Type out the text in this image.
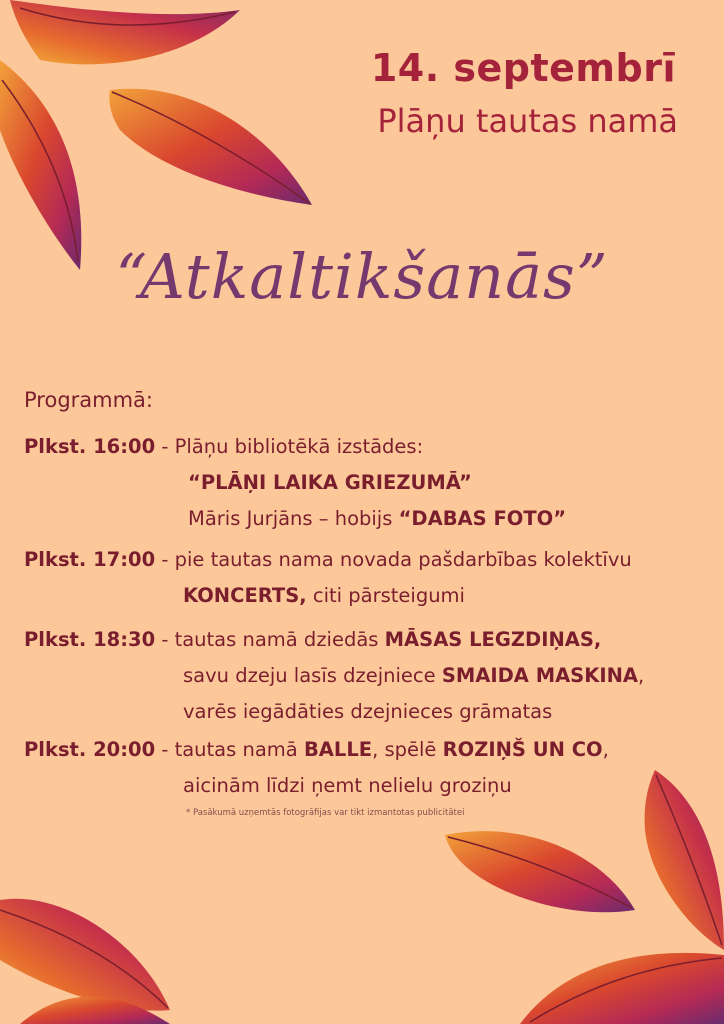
14. septembrī
Plāņu tautas namā
“Atkaltikšanās”
Programmā:
Plkst. 16:00 - Plāņu bibliotēkā izstādes:
“PLĀŅI LAIKA GRIEZUMĀ”
Māris Jurjāns – hobijs “DABAS FOTO”
Plkst. 17:00 - pie tautas nama novada pašdarbības kolektīvu
KONCERTS, citi pārsteigumi
Plkst. 18:30 - tautas namā dziedās MĀSAS LEGZDIŅAS,
savu dzeju lasīs dzejniece SMAIDA MASKINA,
varēs iegādāties dzejnieces grāmatas
Plkst. 20:00 - tautas namā BALLE, spēlē ROZIŅŠ UN CO,
aicinām līdzi ņemt nelielu groziņu
* Pasākumā uzņemtās fotogrāfijas var tikt izmantotas publicitātei
